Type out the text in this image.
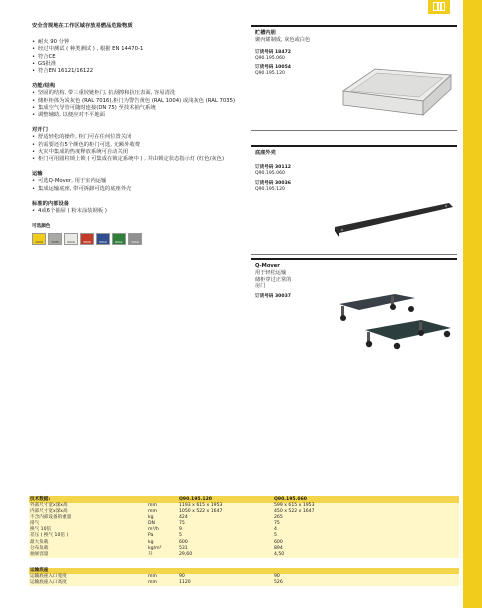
安全含规地在工作区域存放易燃品危险物质
• 耐火 90 分钟
• 经过中测试 ( 种类测试 ) , 根据 EN 14470-1
• 符合CE
• GS批准
• 符合EN 16121/16122
功能/结构
• 坚固的结构, 带三重铰链柜门, 抗刮擦和抗压表面, 容易清洗
• 储柜柜体为炭灰色 (RAL 7016),柜门为警告黄色 (RAL 1004) 或浅灰色 (RAL 7035)
• 集成空气导管可随时连接(DN 75) 至技术抽气系统
• 调整辅助, 以便应对不平地面
对开门
• 舒适轻松的操作, 柜门可在任何位置关闭
• 若需要还有5个颜色的柜门可选, 无额外收费
• 火灾中集成的热度释放系统可自动关闭
• 柜门可用圆柱锁上锁 ( 可集成在锁定系统中 ) , 并由锁定状态指示灯 (红色/灰色)
运输
• 可选Q-Mover, 用于室内运输
• 集成运输底座, 带可拆卸可选的底座外壳
标准的内部设备
• 4或6个抽屉 ( 粉末涂装钢板 )
可选颜色
1004	7035	9016	3020	5010	6011	7016
贮槽内胆
聚丙烯制成, 灰色或白色
订货号码 18472
Q90.195.060
订货号码 10054
Q90.195.120
底座外壳
订货号码 30112
Q90.195.060
订货号码 30036
Q90.195.120
Q-Mover
用于轻松运输
储柜穿过正常的
房门
订货号码 30037
技术数据:	Q90.195.120	Q90.195.060
外部尺寸宽x深x高	mm	1193 x 615 x 1953	599 x 615 x 1953
内部尺寸宽x深x高	mm	1050 x 522 x 1647	450 x 522 x 1647
不含内部设备的重量	kg	424	265
排气	DN	75	75
换气 10倍	m³/h	9	4
差压 ( 换气 10倍 )	Pa	5	5
最大负载	kg	600	600
分布负载	kg/m²	531	894
抽屉容量	升	29,60	4,50
运输底座
运输底座入口宽度	mm	90	90
运输底座入口高度	mm	1120	526
